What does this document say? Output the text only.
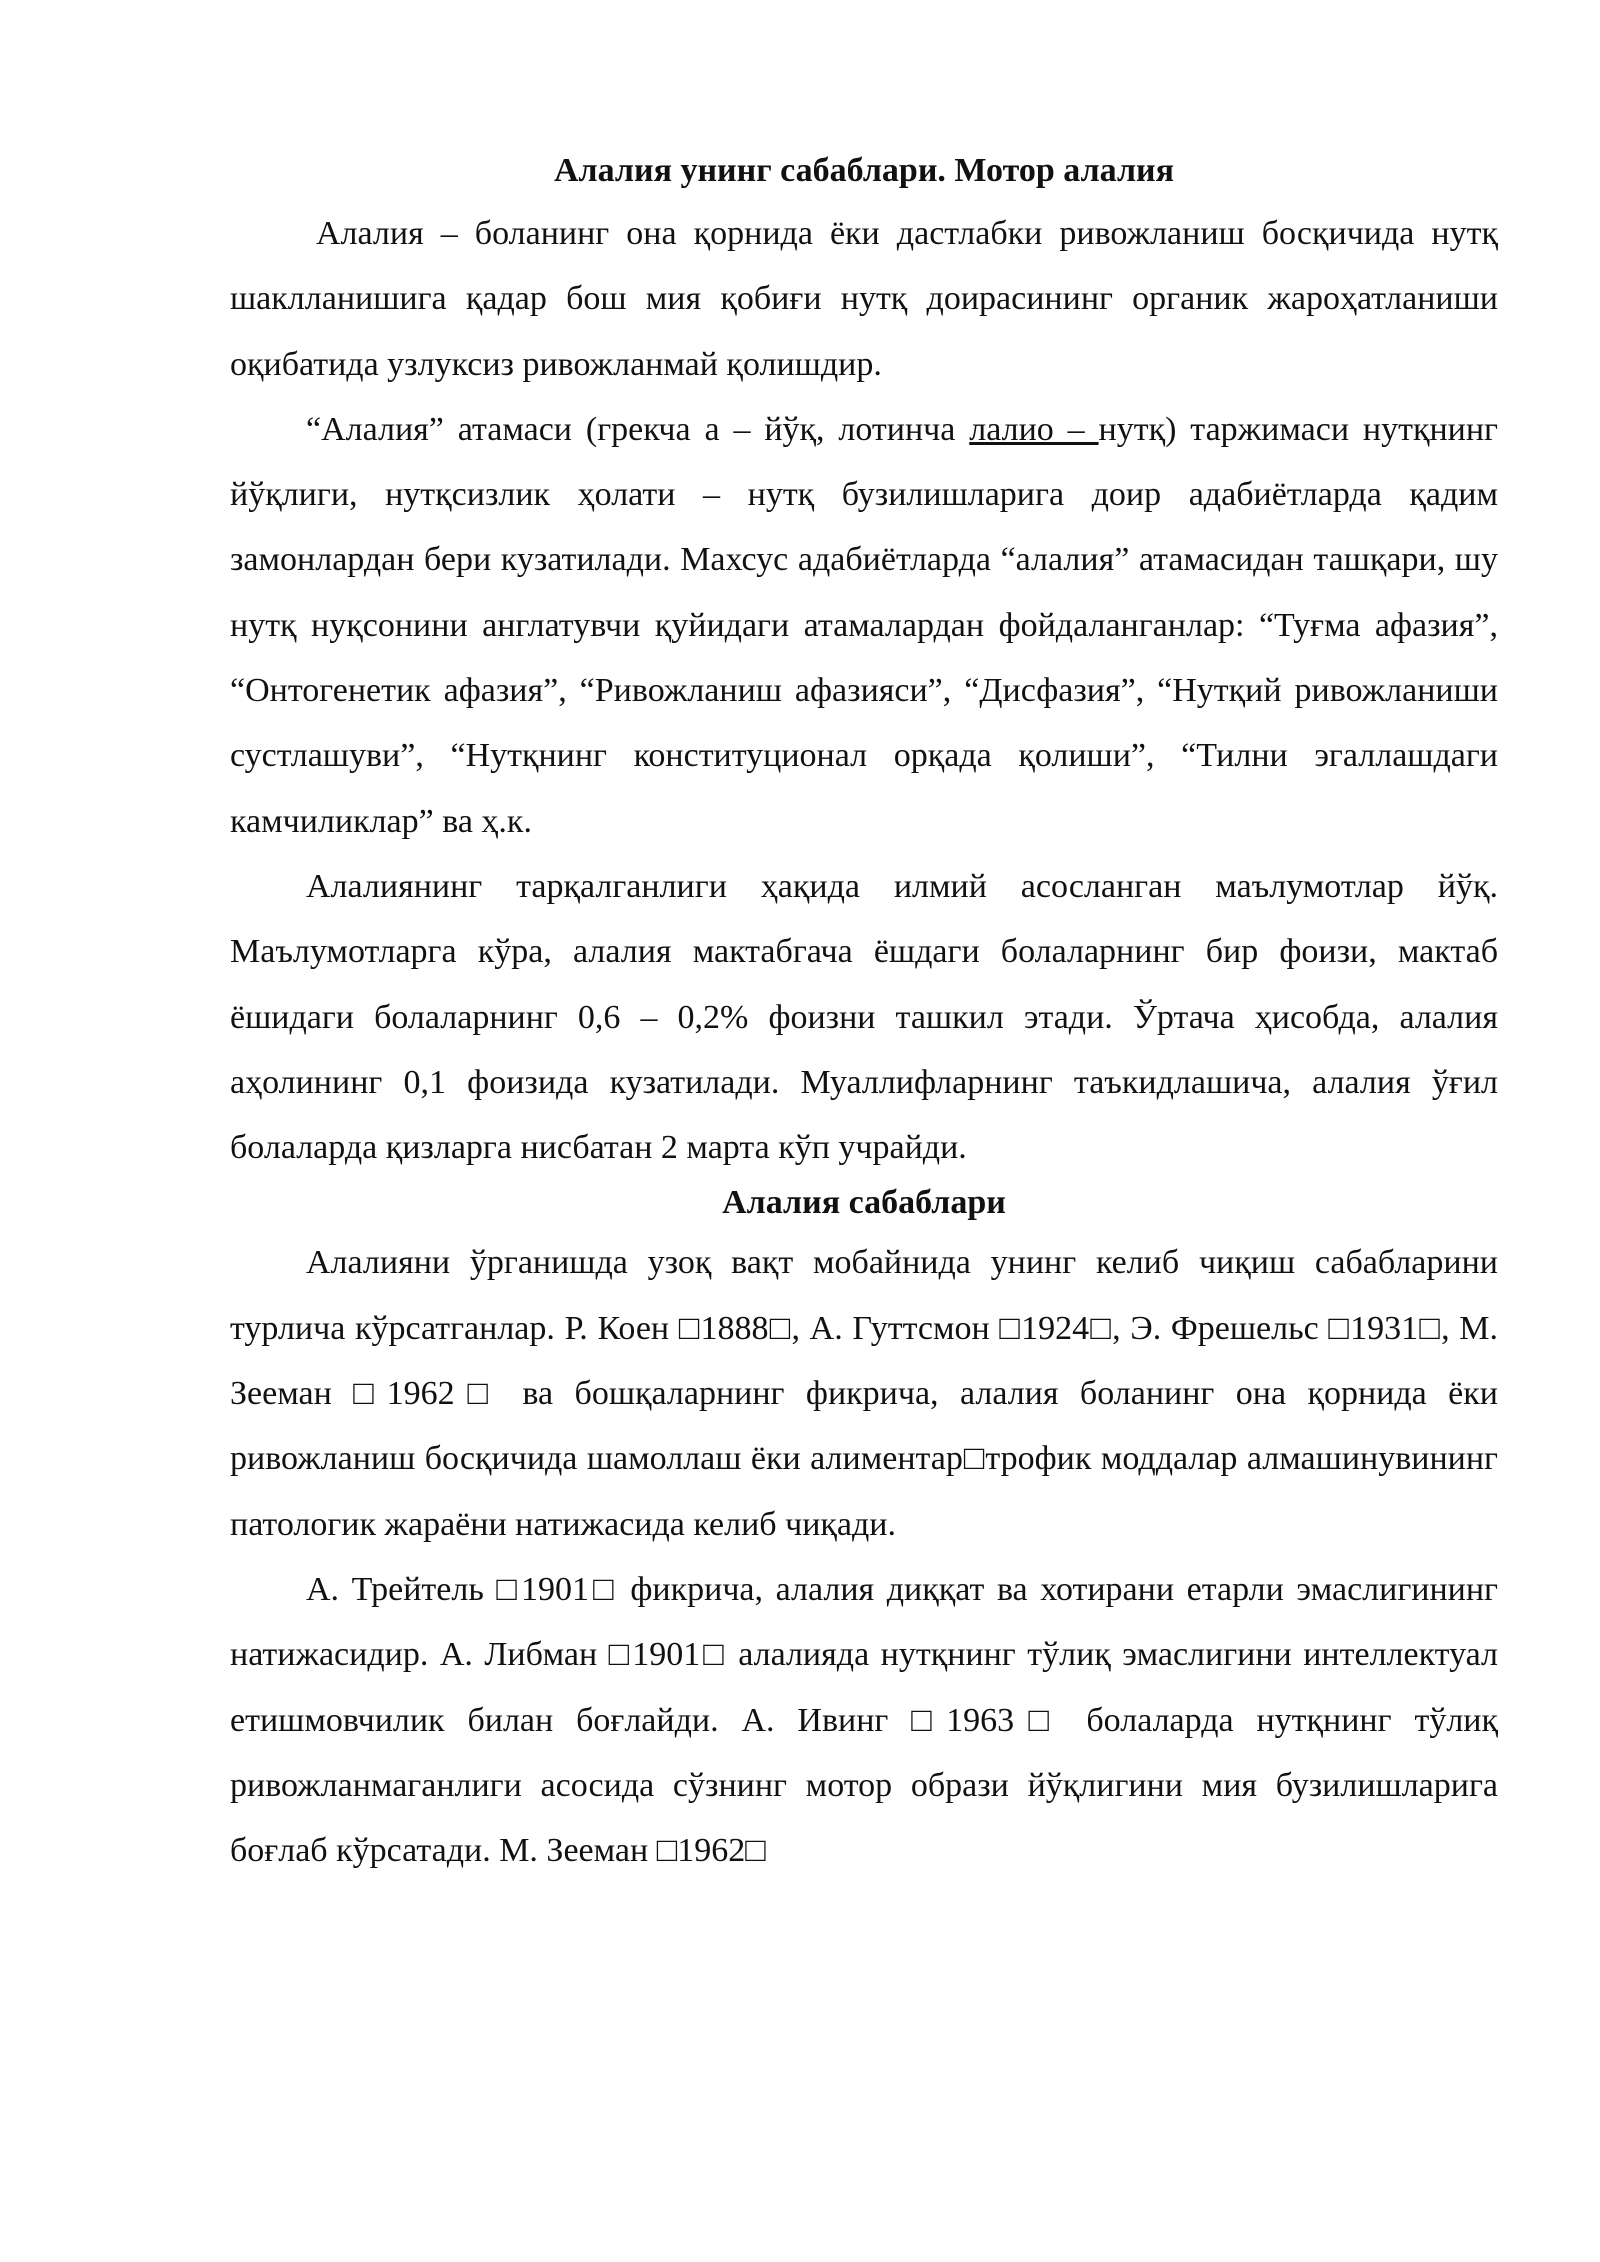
Алалия унинг сабаблари. Мотор алалия

Алалия – боланинг она қорнида ёки дастлабки ривожланиш босқичида нутқ шаклланишига қадар бош мия қобиғи нутқ доирасининг органик жароҳатланиши оқибатида узлуксиз ривожланмай қолишдир.

“Алалия” атамаси (грекча а – йўқ, лотинча лалио – нутқ) таржимаси нутқнинг йўқлиги, нутқсизлик ҳолати – нутқ бузилишларига доир адабиётларда қадим замонлардан бери кузатилади. Махсус адабиётларда “алалия” атамасидан ташқари, шу нутқ нуқсонини англатувчи қуйидаги атамалардан фойдаланганлар: “Туғма афазия”, “Онтогенетик афазия”, “Ривожланиш афазияси”, “Дисфазия”, “Нутқий ривожланиши сустлашуви”, “Нутқнинг конституционал орқада қолиши”, “Тилни эгаллашдаги камчиликлар” ва ҳ.к.

Алалиянинг тарқалганлиги ҳақида илмий асосланган маълумотлар йўқ. Маълумотларга кўра, алалия мактабгача ёшдаги болаларнинг бир фоизи, мактаб ёшидаги болаларнинг 0,6 – 0,2% фоизни ташкил этади. Ўртача ҳисобда, алалия аҳолининг 0,1 фоизида кузатилади. Муаллифларнинг таъкидлашича, алалия ўғил болаларда қизларга нисбатан 2 марта кўп учрайди.

Алалия сабаблари

Алалияни ўрганишда узоқ вақт мобайнида унинг келиб чиқиш сабабларини турлича кўрсатганлар. Р. Коен □1888□, А. Гуттсмон □1924□, Э. Фрешельс □1931□, М. Зееман □1962□ ва бошқаларнинг фикрича, алалия боланинг она қорнида ёки ривожланиш босқичида шамоллаш ёки алиментар□трофик моддалар алмашинувининг патологик жараёни натижасида келиб чиқади.

А. Трейтель □1901□ фикрича, алалия диққат ва хотирани етарли эмаслигининг натижасидир. А. Либман □1901□ алалияда нутқнинг тўлиқ эмаслигини интеллектуал етишмовчилик билан боғлайди. А. Ивинг □1963□ болаларда нутқнинг тўлиқ ривожланмаганлиги асосида сўзнинг мотор образи йўқлигини мия бузилишларига боғлаб кўрсатади. М. Зееман □1962□
